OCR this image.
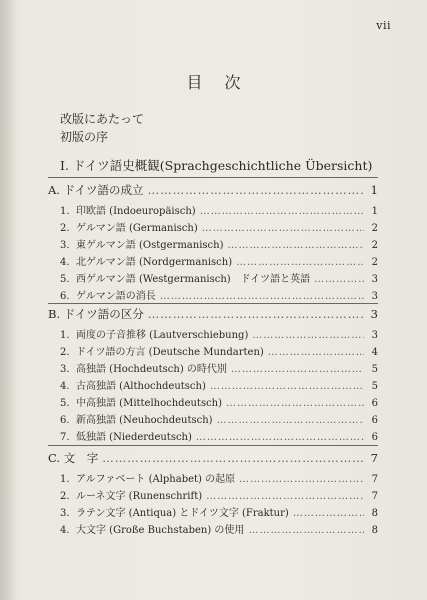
vii
目次
改版にあたって
初版の序
I. ドイツ語史概観(Sprachgeschichtliche Übersicht)
A. ドイツ語の成立 …………………………………………………………………………………………………………………………………………	1
1. 印欧語 (Indoeuropäisch) …………………………………………………………………………………………………………………………………………	1
2. ゲルマン語 (Germanisch) …………………………………………………………………………………………………………………………………………	2
3. 東ゲルマン語 (Ostgermanisch) …………………………………………………………………………………………………………………………………………	2
4. 北ゲルマン語 (Nordgermanisch) …………………………………………………………………………………………………………………………………………	2
5. 西ゲルマン語 (Westgermanisch)　ドイツ語と英語 …………………………………………………………………………………………………………………………………………	3
6. ゲルマン語の消長 …………………………………………………………………………………………………………………………………………	3
B. ドイツ語の区分 …………………………………………………………………………………………………………………………………………	3
1. 両度の子音推移 (Lautverschiebung) …………………………………………………………………………………………………………………………………………	3
2. ドイツ語の方言 (Deutsche Mundarten) …………………………………………………………………………………………………………………………………………	4
3. 高独語 (Hochdeutsch) の時代別 …………………………………………………………………………………………………………………………………………	5
4. 古高独語 (Althochdeutsch) …………………………………………………………………………………………………………………………………………	5
5. 中高独語 (Mittelhochdeutsch) …………………………………………………………………………………………………………………………………………	6
6. 新高独語 (Neuhochdeutsch) …………………………………………………………………………………………………………………………………………	6
7. 低独語 (Niederdeutsch) …………………………………………………………………………………………………………………………………………	6
C. 文　字 …………………………………………………………………………………………………………………………………………	7
1. アルファベート (Alphabet) の起原 …………………………………………………………………………………………………………………………………………	7
2. ルーネ文字 (Runenschrift) …………………………………………………………………………………………………………………………………………	7
3. ラテン文字 (Antiqua) とドイツ文字 (Fraktur) …………………………………………………………………………………………………………………………………………	8
4. 大文字 (Große Buchstaben) の使用 …………………………………………………………………………………………………………………………………………	8
